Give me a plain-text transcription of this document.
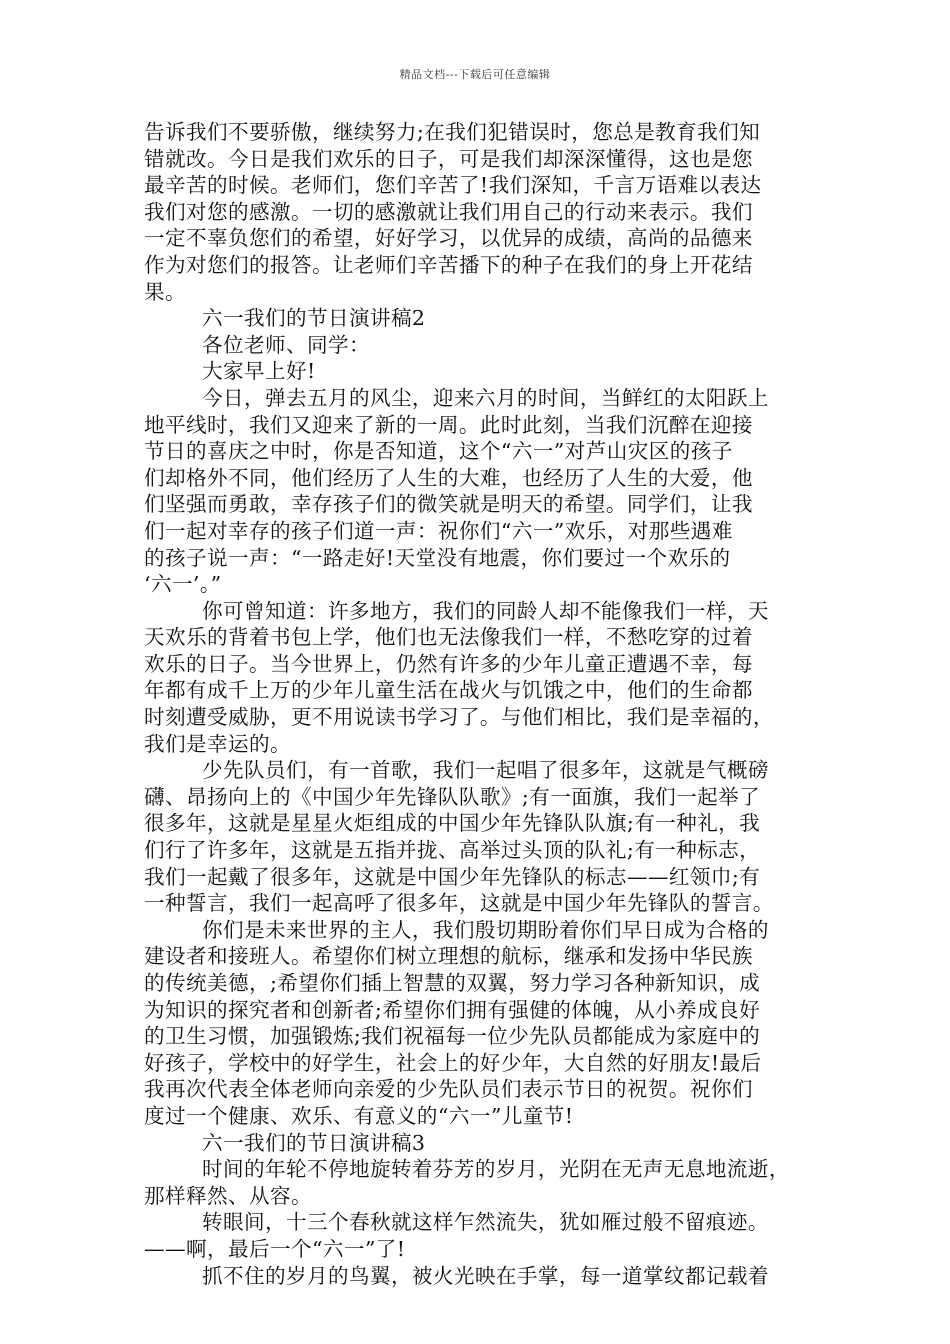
精品文档---下载后可任意编辑
告诉我们不要骄傲，继续努力;在我们犯错误时，您总是教育我们知
错就改。今日是我们欢乐的日子，可是我们却深深懂得，这也是您
最辛苦的时候。老师们，您们辛苦了!我们深知，千言万语难以表达
我们对您的感激。一切的感激就让我们用自己的行动来表示。我们
一定不辜负您们的希望，好好学习，以优异的成绩，高尚的品德来
作为对您们的报答。让老师们辛苦播下的种子在我们的身上开花结
果。
六一我们的节日演讲稿2
各位老师、同学：
大家早上好!
今日，弹去五月的风尘，迎来六月的时间，当鲜红的太阳跃上
地平线时，我们又迎来了新的一周。此时此刻，当我们沉醉在迎接
节日的喜庆之中时，你是否知道，这个“六一”对芦山灾区的孩子
们却格外不同，他们经历了人生的大难，也经历了人生的大爱，他
们坚强而勇敢，幸存孩子们的微笑就是明天的希望。同学们，让我
们一起对幸存的孩子们道一声：祝你们“六一”欢乐，对那些遇难
的孩子说一声：“一路走好!天堂没有地震，你们要过一个欢乐的
‘六一’。”
你可曾知道：许多地方，我们的同龄人却不能像我们一样，天
天欢乐的背着书包上学，他们也无法像我们一样，不愁吃穿的过着
欢乐的日子。当今世界上，仍然有许多的少年儿童正遭遇不幸，每
年都有成千上万的少年儿童生活在战火与饥饿之中，他们的生命都
时刻遭受威胁，更不用说读书学习了。与他们相比，我们是幸福的，
我们是幸运的。
少先队员们，有一首歌，我们一起唱了很多年，这就是气概磅
礴、昂扬向上的《中国少年先锋队队歌》;有一面旗，我们一起举了
很多年，这就是星星火炬组成的中国少年先锋队队旗;有一种礼，我
们行了许多年，这就是五指并拢、高举过头顶的队礼;有一种标志，
我们一起戴了很多年，这就是中国少年先锋队的标志——红领巾;有
一种誓言，我们一起高呼了很多年，这就是中国少年先锋队的誓言。
你们是未来世界的主人，我们殷切期盼着你们早日成为合格的
建设者和接班人。希望你们树立理想的航标，继承和发扬中华民族
的传统美德，;希望你们插上智慧的双翼，努力学习各种新知识，成
为知识的探究者和创新者;希望你们拥有强健的体魄，从小养成良好
的卫生习惯，加强锻炼;我们祝福每一位少先队员都能成为家庭中的
好孩子，学校中的好学生，社会上的好少年，大自然的好朋友!最后
我再次代表全体老师向亲爱的少先队员们表示节日的祝贺。祝你们
度过一个健康、欢乐、有意义的“六一”儿童节!
六一我们的节日演讲稿3
时间的年轮不停地旋转着芬芳的岁月，光阴在无声无息地流逝，
那样释然、从容。
转眼间，十三个春秋就这样乍然流失，犹如雁过般不留痕迹。
——啊，最后一个“六一”了!
抓不住的岁月的鸟翼，被火光映在手掌，每一道掌纹都记载着
